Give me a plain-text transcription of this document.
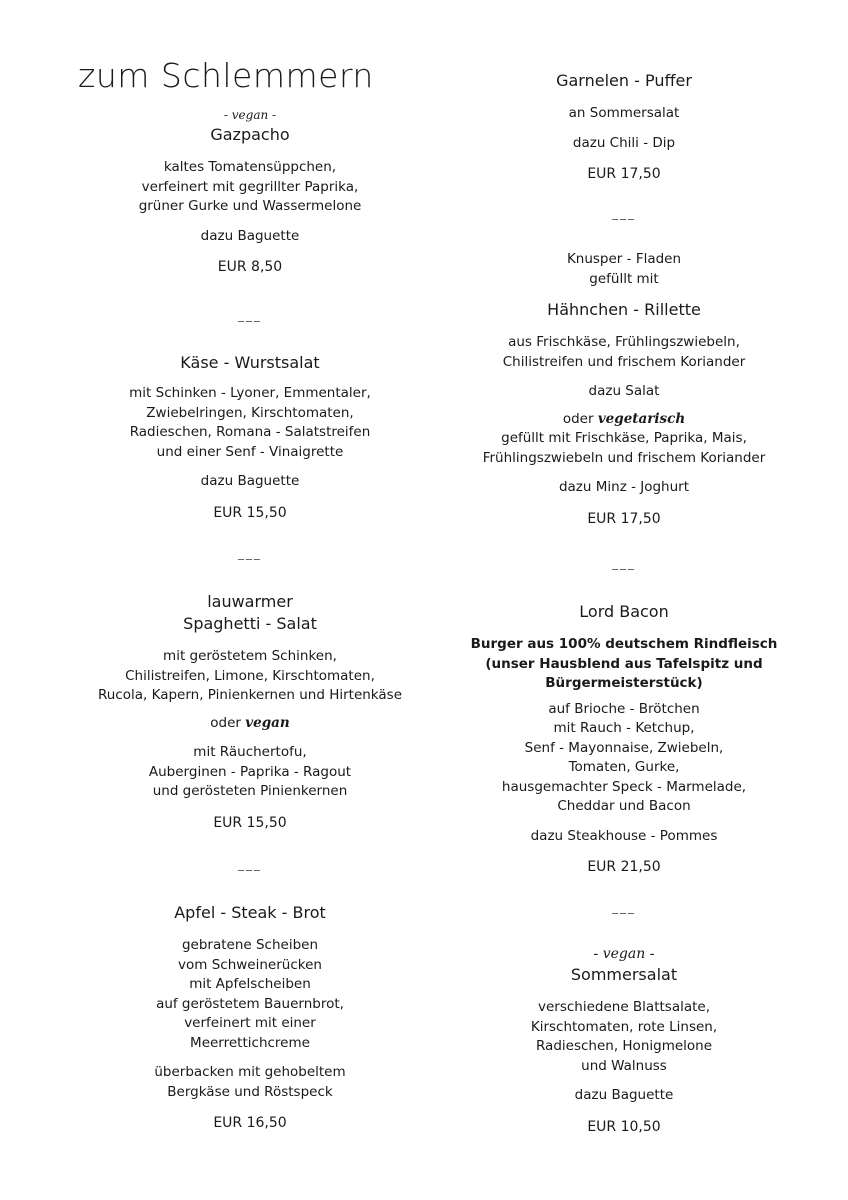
zum Schlemmern
- vegan -
Gazpacho
kaltes Tomatensüppchen,
verfeinert mit gegrillter Paprika,
grüner Gurke und Wassermelone
dazu Baguette
EUR 8,50
___
Käse - Wurstsalat
mit Schinken - Lyoner, Emmentaler,
Zwiebelringen, Kirschtomaten,
Radieschen, Romana - Salatstreifen
und einer Senf - Vinaigrette
dazu Baguette
EUR 15,50
___
lauwarmer
Spaghetti - Salat
mit geröstetem Schinken,
Chilistreifen, Limone, Kirschtomaten,
Rucola, Kapern, Pinienkernen und Hirtenkäse
oder vegan
mit Räuchertofu,
Auberginen - Paprika - Ragout
und gerösteten Pinienkernen
EUR 15,50
___
Apfel - Steak - Brot
gebratene Scheiben
vom Schweinerücken
mit Apfelscheiben
auf geröstetem Bauernbrot,
verfeinert mit einer
Meerrettichcreme
überbacken mit gehobeltem
Bergkäse und Röstspeck
EUR 16,50
Garnelen - Puffer
an Sommersalat
dazu Chili - Dip
EUR 17,50
___
Knusper - Fladen
gefüllt mit
Hähnchen - Rillette
aus Frischkäse, Frühlingszwiebeln,
Chilistreifen und frischem Koriander
dazu Salat
oder vegetarisch
gefüllt mit Frischkäse, Paprika, Mais,
Frühlingszwiebeln und frischem Koriander
dazu Minz - Joghurt
EUR 17,50
___
Lord Bacon
Burger aus 100% deutschem Rindfleisch
(unser Hausblend aus Tafelspitz und
Bürgermeisterstück)
auf Brioche - Brötchen
mit Rauch - Ketchup,
Senf - Mayonnaise, Zwiebeln,
Tomaten, Gurke,
hausgemachter Speck - Marmelade,
Cheddar und Bacon
dazu Steakhouse - Pommes
EUR 21,50
___
- vegan -
Sommersalat
verschiedene Blattsalate,
Kirschtomaten, rote Linsen,
Radieschen, Honigmelone
und Walnuss
dazu Baguette
EUR 10,50
